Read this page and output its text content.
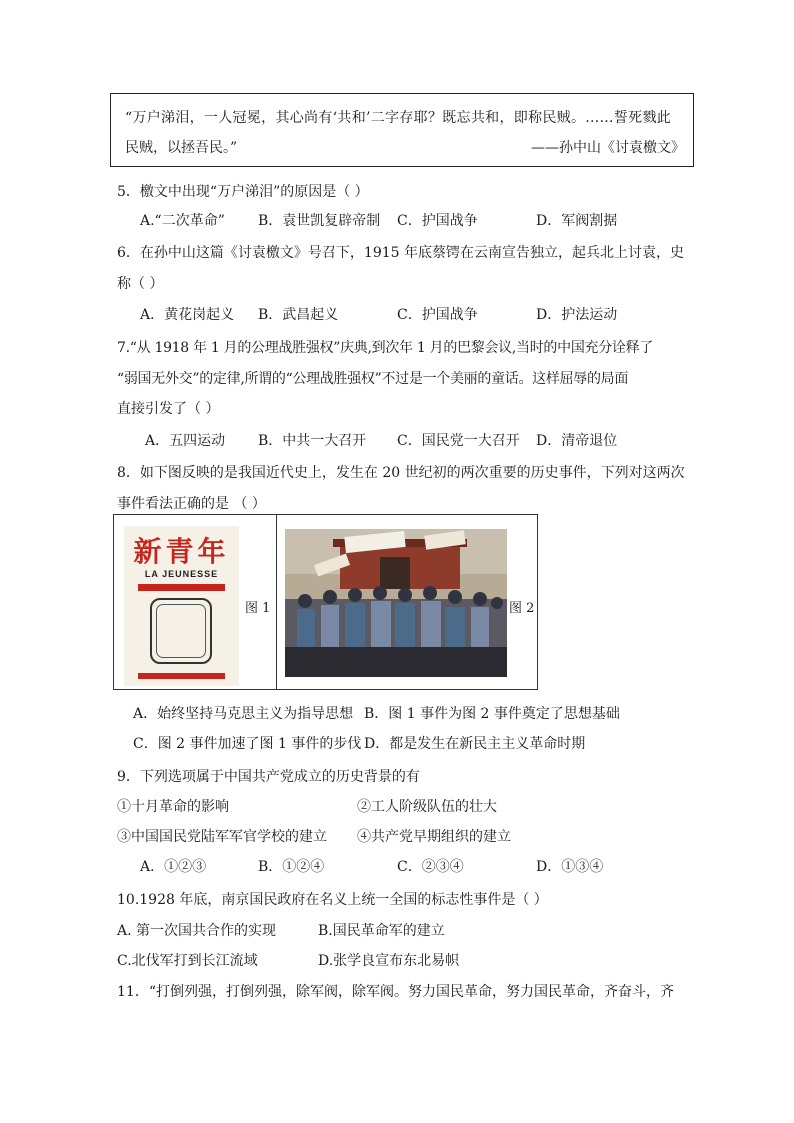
“万户涕泪，一人冠冕，其心尚有‘共和’二字存耶？既忘共和，即称民贼。……誓死戮此
民贼，以拯吾民。”	——孙中山《讨袁檄文》
5．檄文中出现“万户涕泪”的原因是（ ）
A.“二次革命” B．袁世凯复辟帝制 C．护国战争	D．军阀割据
6．在孙中山这篇《讨袁檄文》号召下，1915 年底蔡锷在云南宣告独立，起兵北上讨袁，史
称（ ）
A．黄花岗起义 B．武昌起义	C．护国战争	D．护法运动
7.“从 1918 年 1 月的公理战胜强权”庆典,到次年 1 月的巴黎会议,当时的中国充分诠释了
“弱国无外交”的定律,所谓的“公理战胜强权”不过是一个美丽的童话。这样屈辱的局面
直接引发了（ ）
A．五四运动 B．中共一大召开 C．国民党一大召开 D．清帝退位
8．如下图反映的是我国近代史上，发生在 20 世纪初的两次重要的历史事件，下列对这两次
事件看法正确的是 （ ）
新青年
LA JEUNESSE
图 1	图 2
A．始终坚持马克思主义为指导思想 B．图 1 事件为图 2 事件奠定了思想基础
C．图 2 事件加速了图 1 事件的步伐 D．都是发生在新民主主义革命时期
9．下列选项属于中国共产党成立的历史背景的有
①十月革命的影响	②工人阶级队伍的壮大
③中国国民党陆军军官学校的建立 ④共产党早期组织的建立
A．①②③	B．①②④	C．②③④	D．①③④
10.1928 年底，南京国民政府在名义上统一全国的标志性事件是（ ）
A. 第一次国共合作的实现	B.国民革命军的建立
C.北伐军打到长江流域	D.张学良宣布东北易帜
11．“打倒列强，打倒列强，除军阀，除军阀。努力国民革命，努力国民革命，齐奋斗，齐
